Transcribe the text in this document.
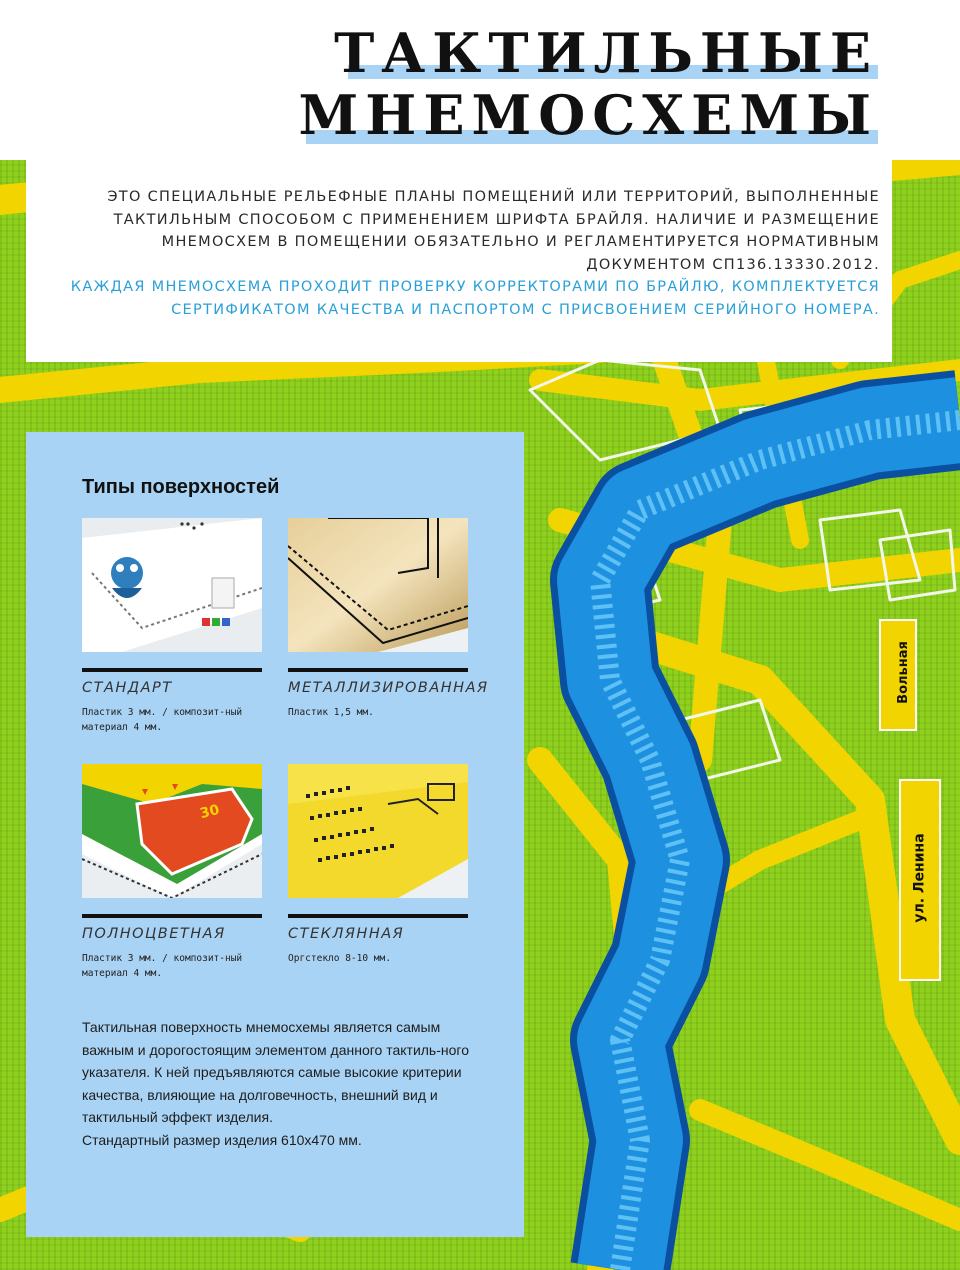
Вольная
ул. Ленина
ТАКТИЛЬНЫЕ
МНЕМОСХЕМЫ

ЭТО СПЕЦИАЛЬНЫЕ РЕЛЬЕФНЫЕ ПЛАНЫ ПОМЕЩЕНИЙ ИЛИ ТЕРРИТОРИЙ, ВЫПОЛНЕННЫЕ ТАКТИЛЬНЫМ СПОСОБОМ С ПРИМЕНЕНИЕМ ШРИФТА БРАЙЛЯ. НАЛИЧИЕ И РАЗМЕЩЕНИЕ МНЕМОСХЕМ В ПОМЕЩЕНИИ ОБЯЗАТЕЛЬНО И РЕГЛАМЕНТИРУЕТСЯ НОРМАТИВНЫМ ДОКУМЕНТОМ СП136.13330.2012.

КАЖДАЯ МНЕМОСХЕМА ПРОХОДИТ ПРОВЕРКУ КОРРЕКТОРАМИ ПО БРАЙЛЮ, КОМПЛЕКТУЕТСЯ СЕРТИФИКАТОМ КАЧЕСТВА И ПАСПОРТОМ С ПРИСВОЕНИЕМ СЕРИЙНОГО НОМЕРА.

Типы поверхностей
СТАНДАРТ
Пластик 3 мм. / композит-ный материал 4 мм.
МЕТАЛЛИЗИРОВАННАЯ
Пластик 1,5 мм.
30
ПОЛНОЦВЕТНАЯ
Пластик 3 мм. / композит-ный материал 4 мм.
СТЕКЛЯННАЯ
Оргстекло 8-10 мм.
Тактильная поверхность мнемосхемы является самым важным и дорогостоящим элементом данного тактиль-ного указателя. К ней предъявляются самые высокие критерии качества, влияющие на долговечность, внешний вид и тактильный эффект изделия.
Стандартный размер изделия 610х470 мм.
